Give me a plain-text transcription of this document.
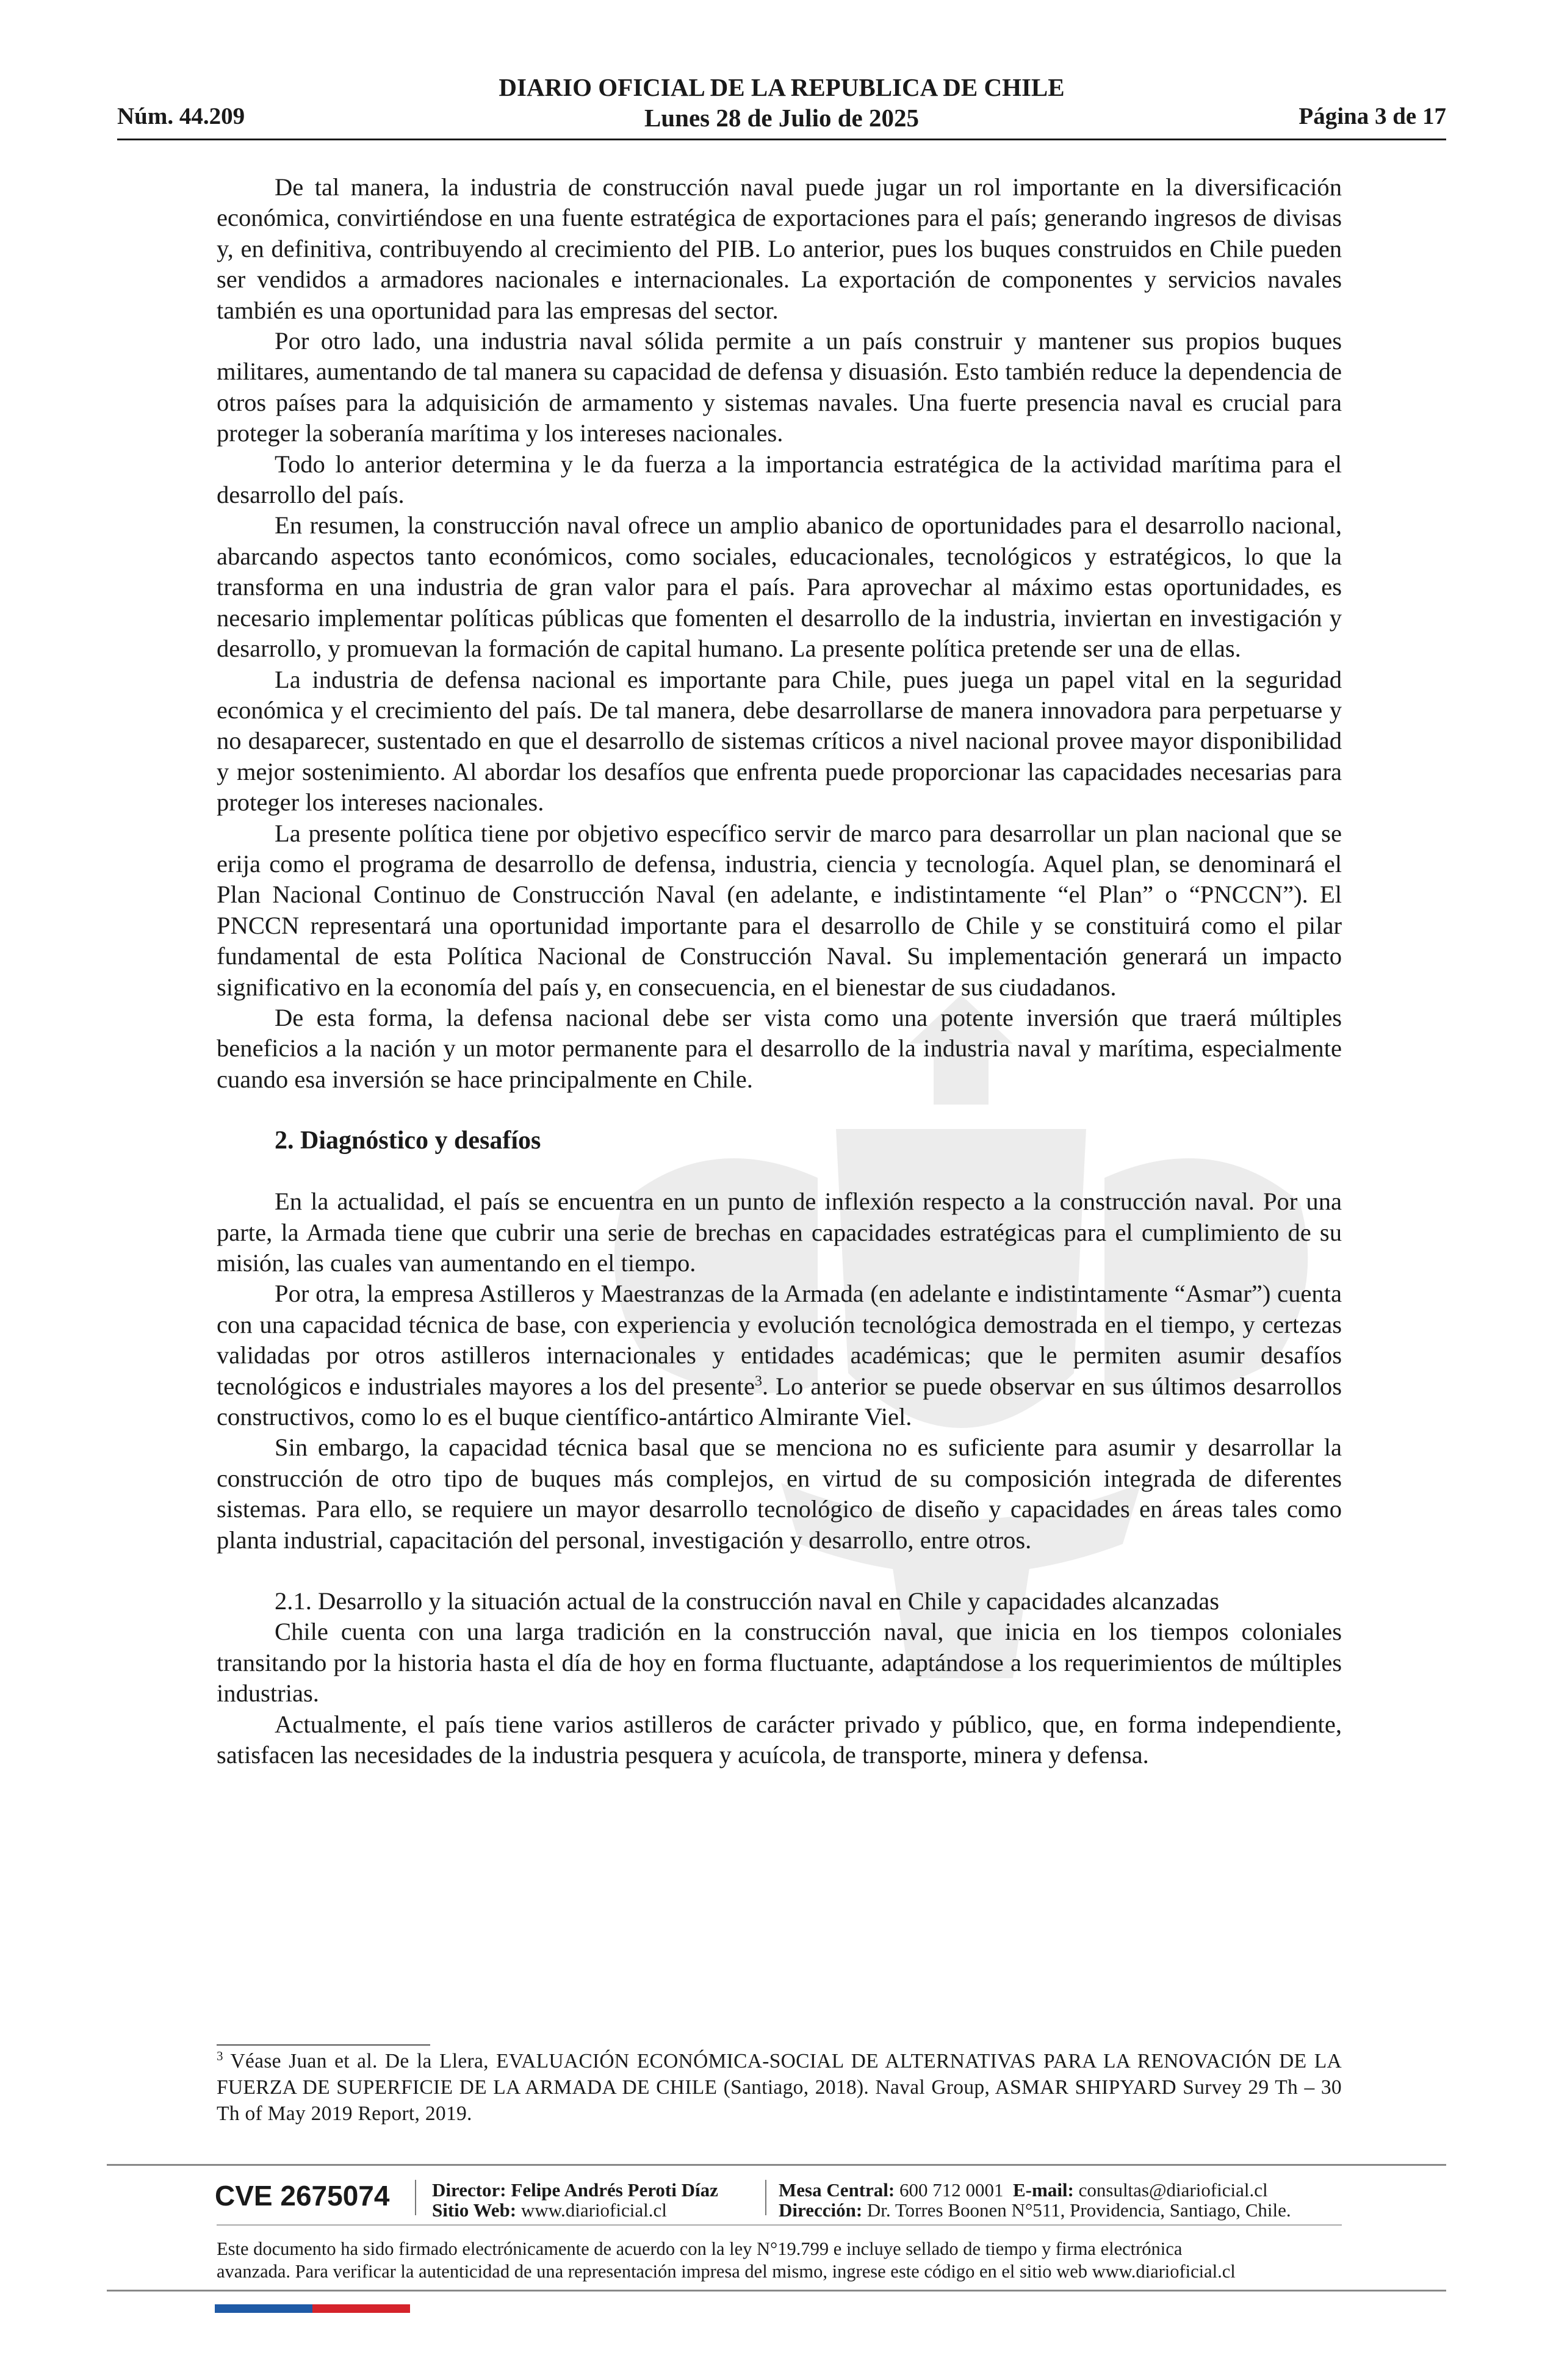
DIARIO OFICIAL DE LA REPUBLICA DE CHILE
Lunes 28 de Julio de 2025
Núm. 44.209	Página 3 de 17

De tal manera, la industria de construcción naval puede jugar un rol importante en la diversificación económica, convirtiéndose en una fuente estratégica de exportaciones para el país; generando ingresos de divisas y, en definitiva, contribuyendo al crecimiento del PIB. Lo anterior, pues los buques construidos en Chile pueden ser vendidos a armadores nacionales e internacionales. La exportación de componentes y servicios navales también es una oportunidad para las empresas del sector.

Por otro lado, una industria naval sólida permite a un país construir y mantener sus propios buques militares, aumentando de tal manera su capacidad de defensa y disuasión. Esto también reduce la dependencia de otros países para la adquisición de armamento y sistemas navales. Una fuerte presencia naval es crucial para proteger la soberanía marítima y los intereses nacionales.

Todo lo anterior determina y le da fuerza a la importancia estratégica de la actividad marítima para el desarrollo del país.

En resumen, la construcción naval ofrece un amplio abanico de oportunidades para el desarrollo nacional, abarcando aspectos tanto económicos, como sociales, educacionales, tecnológicos y estratégicos, lo que la transforma en una industria de gran valor para el país. Para aprovechar al máximo estas oportunidades, es necesario implementar políticas públicas que fomenten el desarrollo de la industria, inviertan en investigación y desarrollo, y promuevan la formación de capital humano. La presente política pretende ser una de ellas.

La industria de defensa nacional es importante para Chile, pues juega un papel vital en la seguridad económica y el crecimiento del país. De tal manera, debe desarrollarse de manera innovadora para perpetuarse y no desaparecer, sustentado en que el desarrollo de sistemas críticos a nivel nacional provee mayor disponibilidad y mejor sostenimiento. Al abordar los desafíos que enfrenta puede proporcionar las capacidades necesarias para proteger los intereses nacionales.

La presente política tiene por objetivo específico servir de marco para desarrollar un plan nacional que se erija como el programa de desarrollo de defensa, industria, ciencia y tecnología. Aquel plan, se denominará el Plan Nacional Continuo de Construcción Naval (en adelante, e indistintamente “el Plan” o “PNCCN”). El PNCCN representará una oportunidad importante para el desarrollo de Chile y se constituirá como el pilar fundamental de esta Política Nacional de Construcción Naval. Su implementación generará un impacto significativo en la economía del país y, en consecuencia, en el bienestar de sus ciudadanos.

De esta forma, la defensa nacional debe ser vista como una potente inversión que traerá múltiples beneficios a la nación y un motor permanente para el desarrollo de la industria naval y marítima, especialmente cuando esa inversión se hace principalmente en Chile.

2. Diagnóstico y desafíos

En la actualidad, el país se encuentra en un punto de inflexión respecto a la construcción naval. Por una parte, la Armada tiene que cubrir una serie de brechas en capacidades estratégicas para el cumplimiento de su misión, las cuales van aumentando en el tiempo.

Por otra, la empresa Astilleros y Maestranzas de la Armada (en adelante e indistintamente “Asmar”) cuenta con una capacidad técnica de base, con experiencia y evolución tecnológica demostrada en el tiempo, y certezas validadas por otros astilleros internacionales y entidades académicas; que le permiten asumir desafíos tecnológicos e industriales mayores a los del presente$^3$. Lo anterior se puede observar en sus últimos desarrollos constructivos, como lo es el buque científico-antártico Almirante Viel.

Sin embargo, la capacidad técnica basal que se menciona no es suficiente para asumir y desarrollar la construcción de otro tipo de buques más complejos, en virtud de su composición integrada de diferentes sistemas. Para ello, se requiere un mayor desarrollo tecnológico de diseño y capacidades en áreas tales como planta industrial, capacitación del personal, investigación y desarrollo, entre otros.

2.1. Desarrollo y la situación actual de la construcción naval en Chile y capacidades alcanzadas

Chile cuenta con una larga tradición en la construcción naval, que inicia en los tiempos coloniales transitando por la historia hasta el día de hoy en forma fluctuante, adaptándose a los requerimientos de múltiples industrias.

Actualmente, el país tiene varios astilleros de carácter privado y público, que, en forma independiente, satisfacen las necesidades de la industria pesquera y acuícola, de transporte, minera y defensa.

$^3$ Véase Juan et al. De la Llera, EVALUACIÓN ECONÓMICA-SOCIAL DE ALTERNATIVAS PARA LA RENOVACIÓN DE LA FUERZA DE SUPERFICIE DE LA ARMADA DE CHILE (Santiago, 2018). Naval Group, ASMAR SHIPYARD Survey 29 Th – 30 Th of May 2019 Report, 2019.
CVE 2675074 Director: Felipe Andrés Peroti Díaz
Sitio Web: www.diarioficial.cl
Mesa Central: 600 712 0001 E-mail: consultas@diarioficial.cl
Dirección: Dr. Torres Boonen N°511, Providencia, Santiago, Chile.
Este documento ha sido firmado electrónicamente de acuerdo con la ley N°19.799 e incluye sellado de tiempo y firma electrónica
avanzada. Para verificar la autenticidad de una representación impresa del mismo, ingrese este código en el sitio web www.diarioficial.cl
